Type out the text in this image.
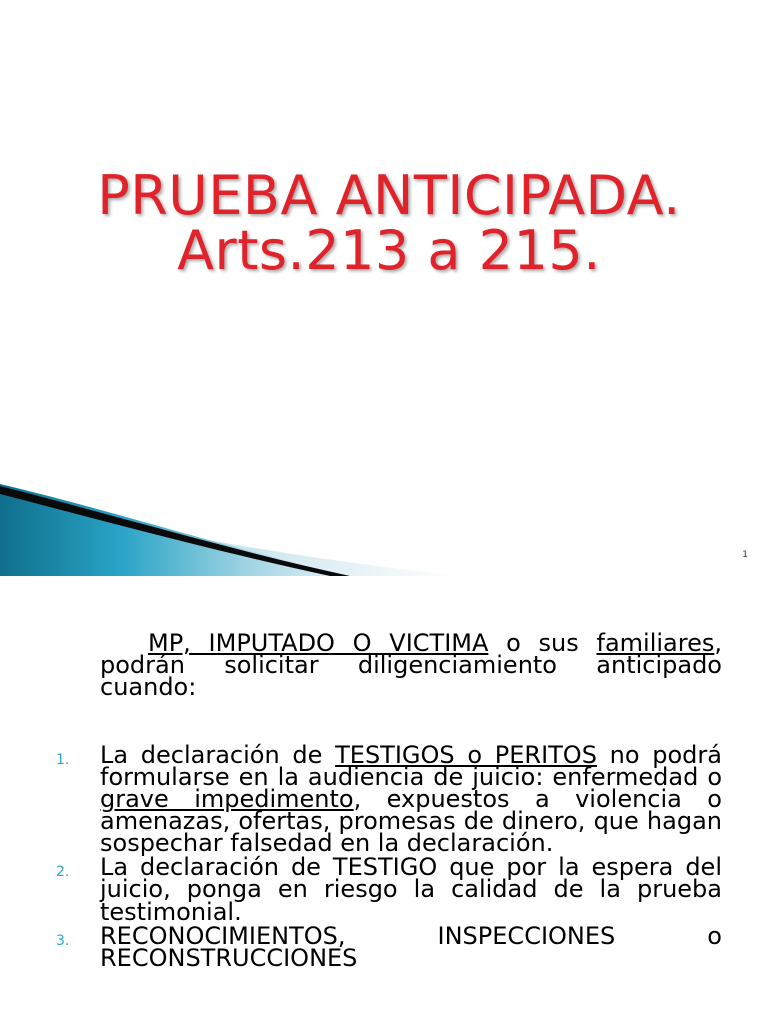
PRUEBA ANTICIPADA.
Arts.213 a 215.
1
MP, IMPUTADO O VICTIMA o sus familiares, podrán solicitar diligenciamiento anticipado cuando:
1. La declaración de TESTIGOS o PERITOS no podrá formularse en la audiencia de juicio: enfermedad o grave impedimento, expuestos a violencia o amenazas, ofertas, promesas de dinero, que hagan sospechar falsedad en la declaración.
2. La declaración de TESTIGO que por la espera del juicio, ponga en riesgo la calidad de la prueba testimonial.
3. RECONOCIMIENTOS, INSPECCIONES o RECONSTRUCCIONES
